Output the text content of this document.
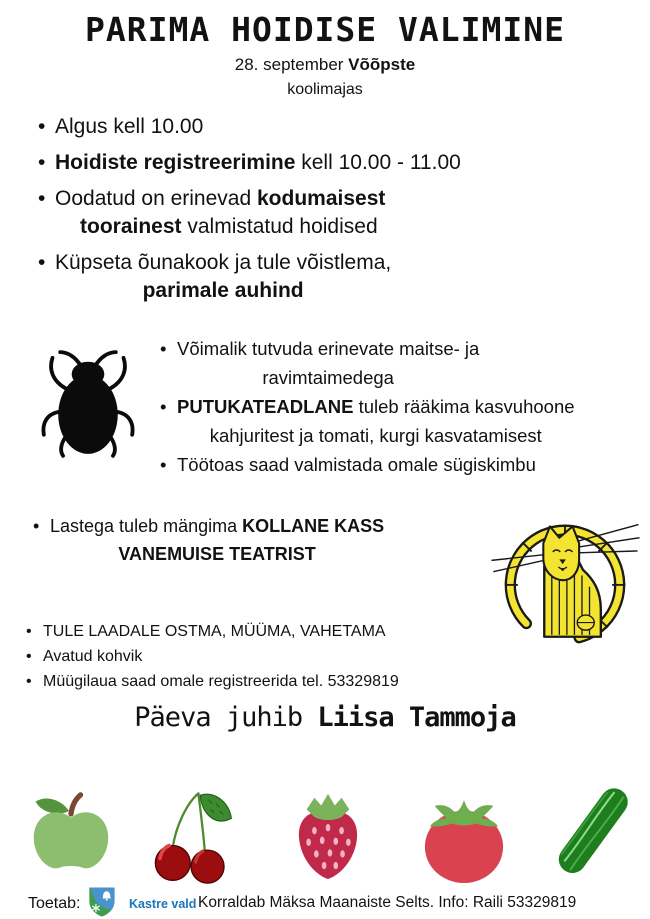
PARIMA HOIDISE VALIMINE
28. september Võõpste
koolimajas
• Algus kell 10.00
• Hoidiste registreerimine kell 10.00 - 11.00
• Oodatud on erinevad kodumaisest
toorainest valmistatud hoidised
• Küpseta õunakook ja tule võistlema,
parimale auhind
• Võimalik tutvuda erinevate maitse- ja
ravimtaimedega
• PUTUKATEADLANE tuleb rääkima kasvuhoone
kahjuritest ja tomati, kurgi kasvatamisest
• Töötoas saad valmistada omale sügiskimbu
• Lastega tuleb mängima KOLLANE KASS
VANEMUISE TEATRIST
• TULE LAADALE OSTMA, MÜÜMA, VAHETAMA
• Avatud kohvik
• Müügilaua saad omale registreerida tel. 53329819
Päeva juhib Liisa Tammoja
Toetab:	Kastre vald Korraldab Mäksa Maanaiste Selts. Info: Raili 53329819
